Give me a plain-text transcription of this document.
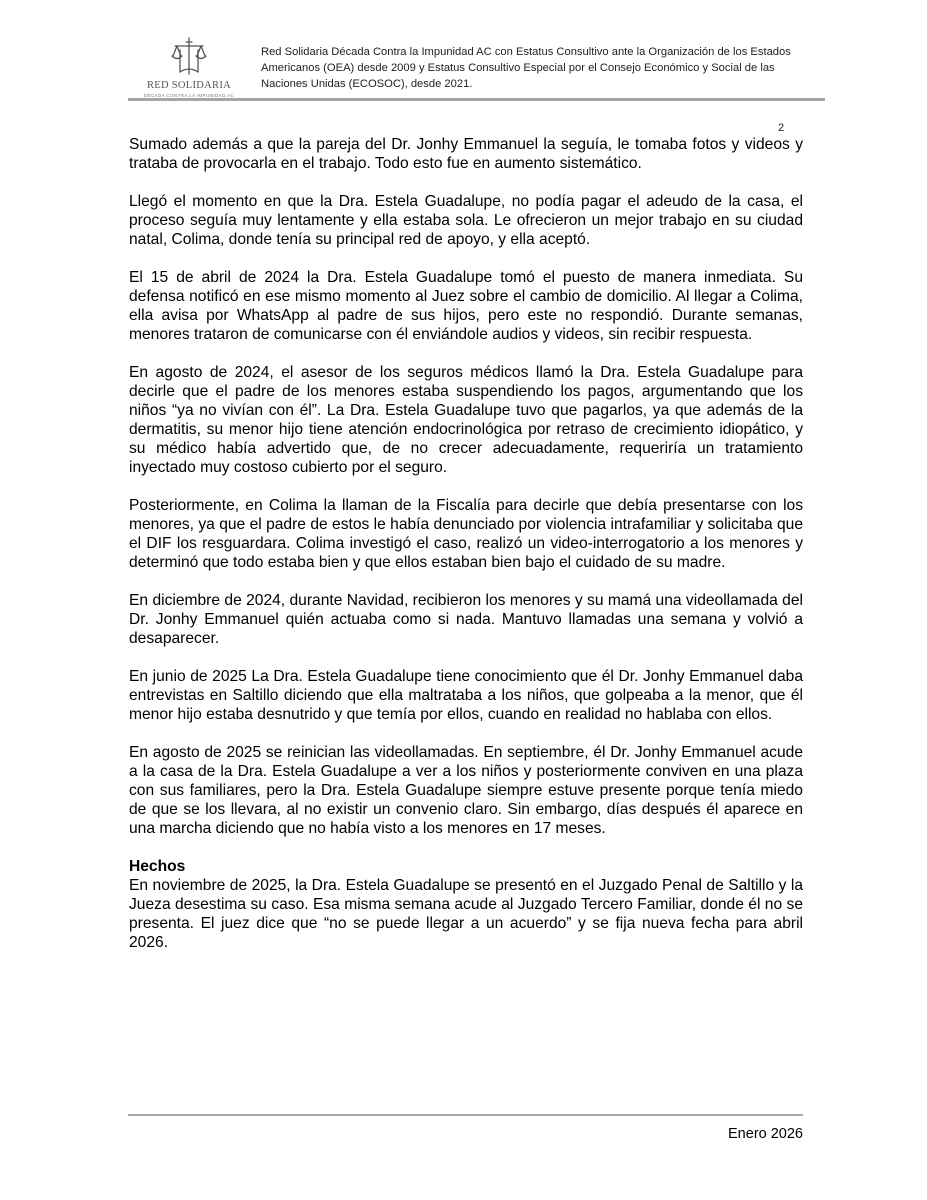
RED SOLIDARIA
DÉCADA CONTRA LA IMPUNIDAD AC
Red Solidaria Década Contra la Impunidad AC con Estatus Consultivo ante la Organización de los Estados Americanos (OEA) desde 2009 y Estatus Consultivo Especial por el Consejo Económico y Social de las Naciones Unidas (ECOSOC), desde 2021.
2

Sumado además a que la pareja del Dr. Jonhy Emmanuel la seguía, le tomaba fotos y videos y trataba de provocarla en el trabajo. Todo esto fue en aumento sistemático.

Llegó el momento en que la Dra. Estela Guadalupe, no podía pagar el adeudo de la casa, el proceso seguía muy lentamente y ella estaba sola. Le ofrecieron un mejor trabajo en su ciudad natal, Colima, donde tenía su principal red de apoyo, y ella aceptó.

El 15 de abril de 2024 la Dra. Estela Guadalupe tomó el puesto de manera inmediata. Su defensa notificó en ese mismo momento al Juez sobre el cambio de domicilio. Al llegar a Colima, ella avisa por WhatsApp al padre de sus hijos, pero este no respondió. Durante semanas, menores trataron de comunicarse con él enviándole audios y videos, sin recibir respuesta.

En agosto de 2024, el asesor de los seguros médicos llamó la Dra. Estela Guadalupe para decirle que el padre de los menores estaba suspendiendo los pagos, argumentando que los niños “ya no vivían con él”. La Dra. Estela Guadalupe tuvo que pagarlos, ya que además de la dermatitis, su menor hijo tiene atención endocrinológica por retraso de crecimiento idiopático, y su médico había advertido que, de no crecer adecuadamente, requeriría un tratamiento inyectado muy costoso cubierto por el seguro.

Posteriormente, en Colima la llaman de la Fiscalía para decirle que debía presentarse con los menores, ya que el padre de estos le había denunciado por violencia intrafamiliar y solicitaba que el DIF los resguardara. Colima investigó el caso, realizó un video-interrogatorio a los menores y determinó que todo estaba bien y que ellos estaban bien bajo el cuidado de su madre.

En diciembre de 2024, durante Navidad, recibieron los menores y su mamá una videollamada del Dr. Jonhy Emmanuel quién actuaba como si nada. Mantuvo llamadas una semana y volvió a desaparecer.

En junio de 2025 La Dra. Estela Guadalupe tiene conocimiento que él Dr. Jonhy Emmanuel daba entrevistas en Saltillo diciendo que ella maltrataba a los niños, que golpeaba a la menor, que él menor hijo estaba desnutrido y que temía por ellos, cuando en realidad no hablaba con ellos.

En agosto de 2025 se reinician las videollamadas. En septiembre, él Dr. Jonhy Emmanuel acude a la casa de la Dra. Estela Guadalupe a ver a los niños y posteriormente conviven en una plaza con sus familiares, pero la Dra. Estela Guadalupe siempre estuve presente porque tenía miedo de que se los llevara, al no existir un convenio claro. Sin embargo, días después él aparece en una marcha diciendo que no había visto a los menores en 17 meses.

Hechos

En noviembre de 2025, la Dra. Estela Guadalupe se presentó en el Juzgado Penal de Saltillo y la Jueza desestima su caso. Esa misma semana acude al Juzgado Tercero Familiar, donde él no se presenta. El juez dice que “no se puede llegar a un acuerdo” y se fija nueva fecha para abril 2026.

Enero 2026
